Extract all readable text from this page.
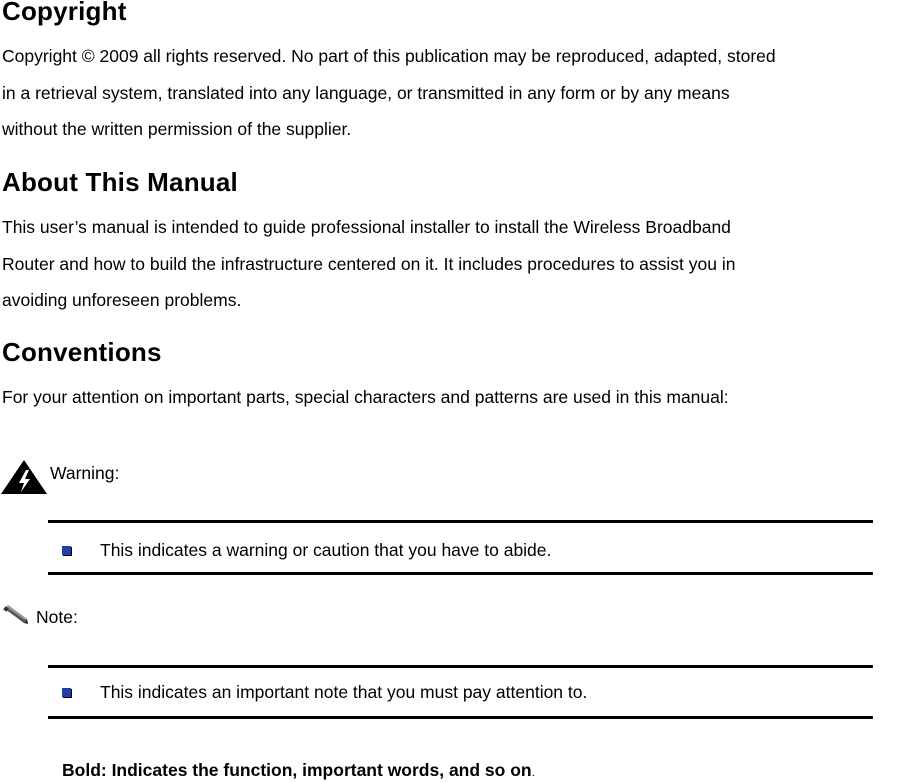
Copyright
Copyright © 2009 all rights reserved. No part of this publication may be reproduced, adapted, stored
in a retrieval system, translated into any language, or transmitted in any form or by any means
without the written permission of the supplier.
About This Manual
This user’s manual is intended to guide professional installer to install the Wireless Broadband
Router and how to build the infrastructure centered on it. It includes procedures to assist you in
avoiding unforeseen problems.
Conventions
For your attention on important parts, special characters and patterns are used in this manual:
Warning:
This indicates a warning or caution that you have to abide.
Note:
This indicates an important note that you must pay attention to.
Bold: Indicates the function, important words, and so on.
